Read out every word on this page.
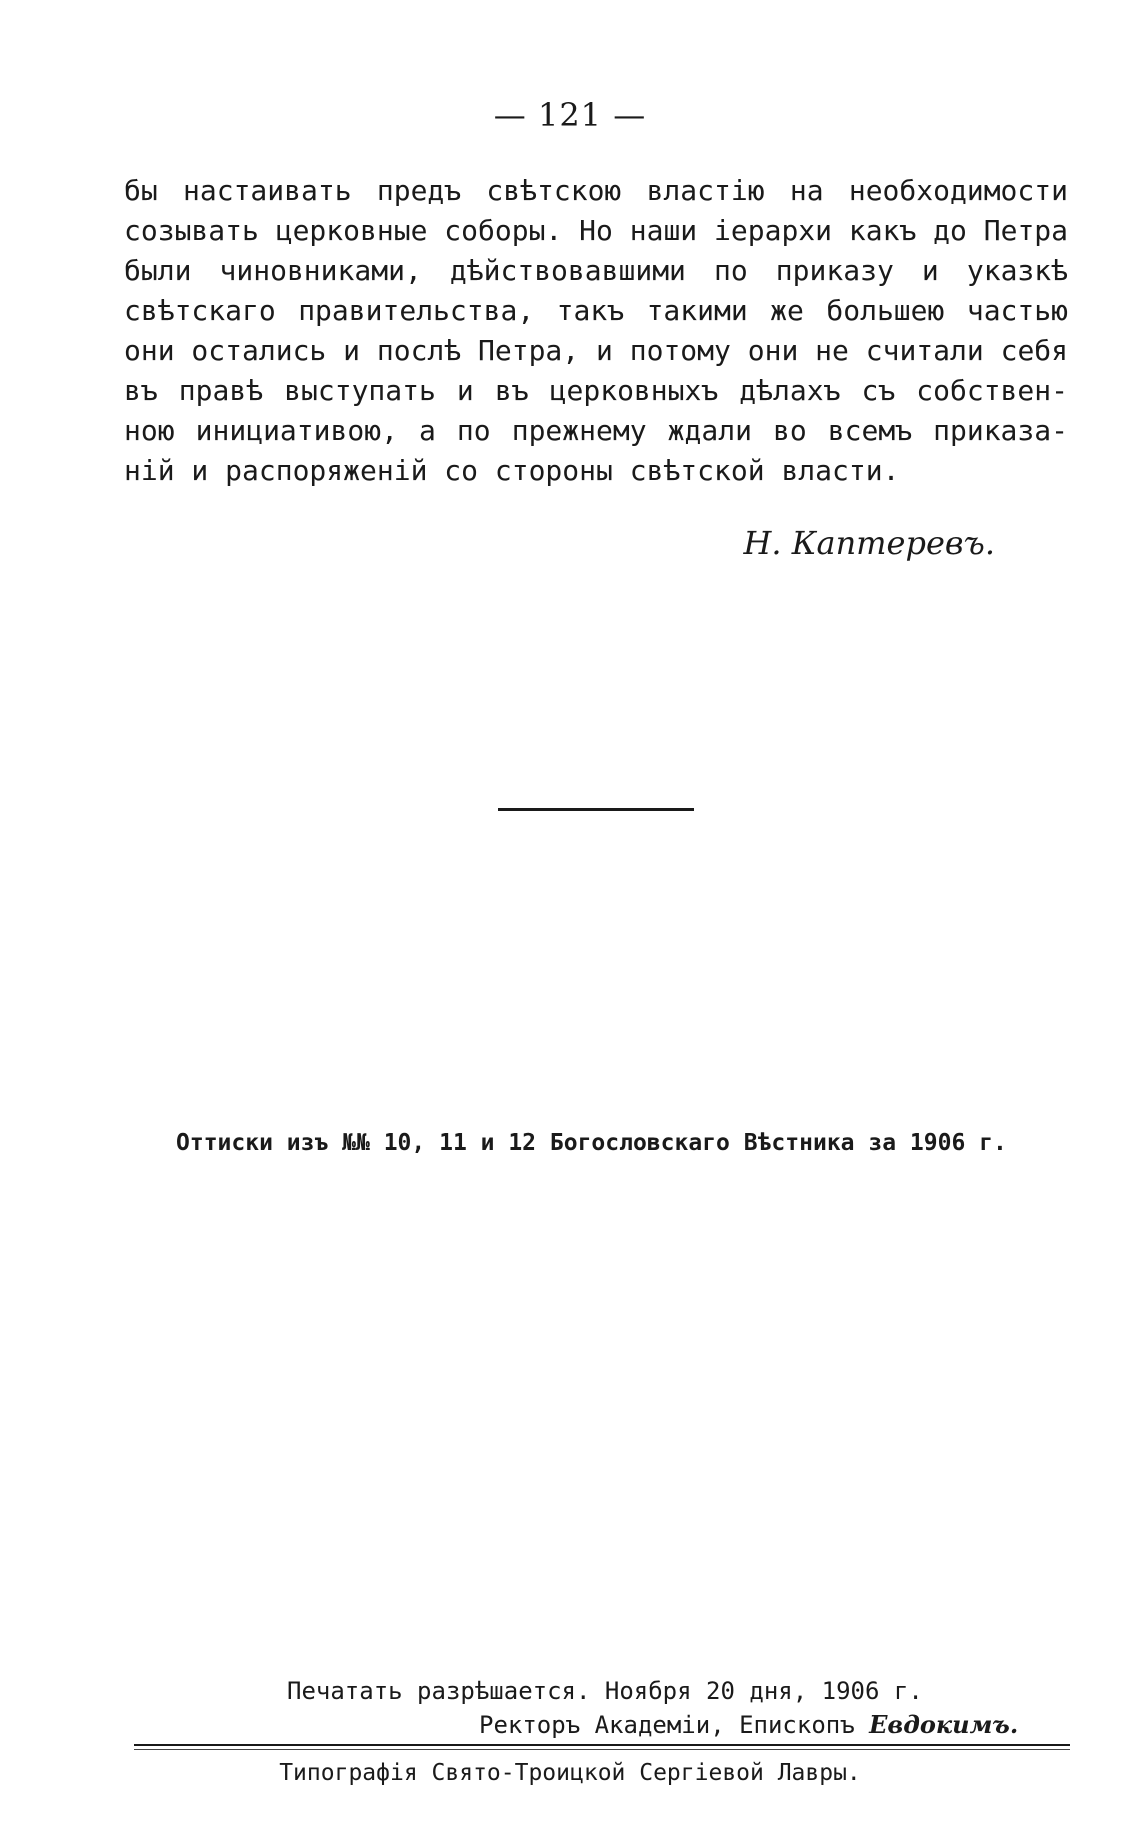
— 121 —
бы настаивать предъ свѣтскою властію на необходимости
созывать церковные соборы. Но наши іерархи какъ до Петра
были чиновниками, дѣйствовавшими по приказу и указкѣ
свѣтскаго правительства, такъ такими же большею частью
они остались и послѣ Петра, и потому они не считали себя
въ правѣ выступать и въ церковныхъ дѣлахъ съ собствен-
ною инициативою, а по прежнему ждали во всемъ приказа-
ній и распоряженій со стороны свѣтской власти.
Н. Каптеревъ.
Оттиски изъ №№ 10, 11 и 12 Богословскаго Вѣстника за 1906 г.
Печатать разрѣшается. Ноября 20 дня, 1906 г.
Ректоръ Академіи, Епископъ Евдокимъ.
Типографія Свято-Троицкой Сергіевой Лавры.
